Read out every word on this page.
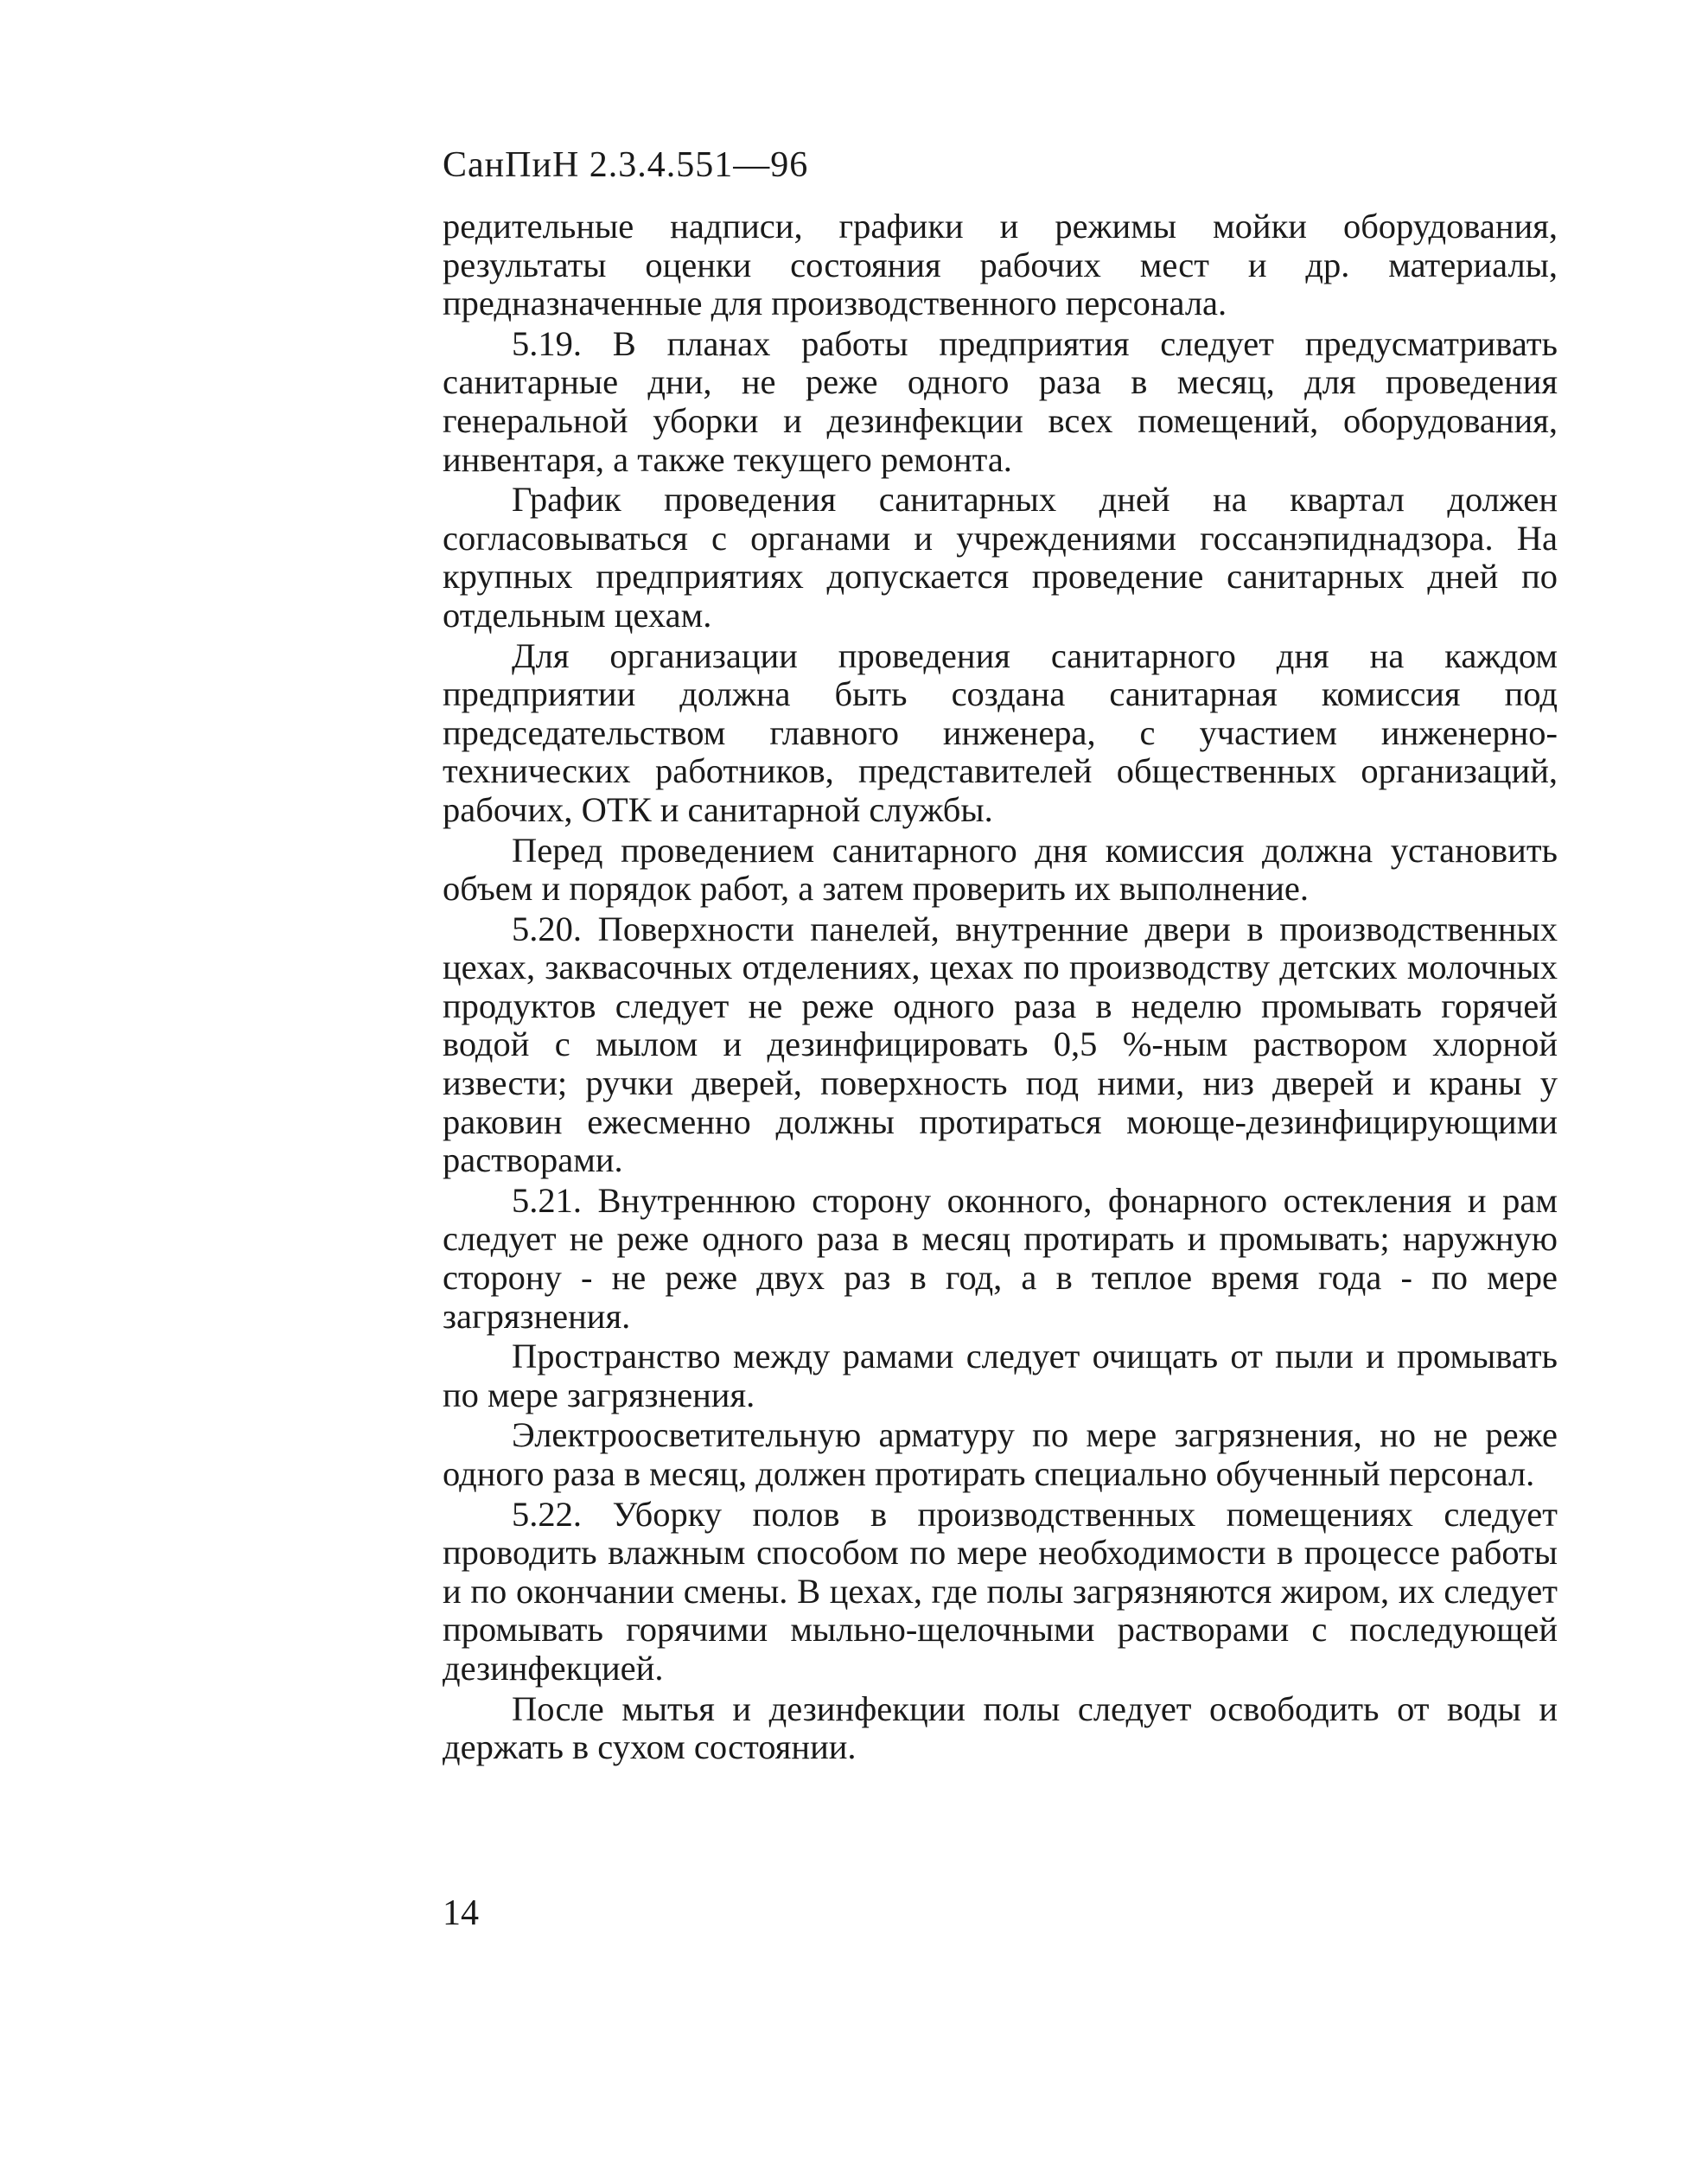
СанПиН 2.3.4.551—96

редительные надписи, графики и режимы мойки оборудования, результаты оценки состояния рабочих мест и др. материалы, предназначенные для производственного персонала.

5.19. В планах работы предприятия следует предусматривать санитарные дни, не реже одного раза в месяц, для проведения генеральной уборки и дезинфекции всех помещений, оборудования, инвентаря, а также текущего ремонта.

График проведения санитарных дней на квартал должен согласовываться с органами и учреждениями госсанэпиднадзора. На крупных предприятиях допускается проведение санитарных дней по отдельным цехам.

Для организации проведения санитарного дня на каждом предприятии должна быть создана санитарная комиссия под председательством главного инженера, с участием инженерно-технических работников, представителей общественных организаций, рабочих, ОТК и санитарной службы.

Перед проведением санитарного дня комиссия должна установить объем и порядок работ, а затем проверить их выполнение.

5.20. Поверхности панелей, внутренние двери в производственных цехах, заквасочных отделениях, цехах по производству детских молочных продуктов следует не реже одного раза в неделю промывать горячей водой с мылом и дезинфицировать 0,5 %-ным раствором хлорной извести; ручки дверей, поверхность под ними, низ дверей и краны у раковин ежесменно должны протираться моюще-дезинфицирующими растворами.

5.21. Внутреннюю сторону оконного, фонарного остекления и рам следует не реже одного раза в месяц протирать и промывать; наружную сторону - не реже двух раз в год, а в теплое время года - по мере загрязнения.

Пространство между рамами следует очищать от пыли и промывать по мере загрязнения.

Электроосветительную арматуру по мере загрязнения, но не реже одного раза в месяц, должен протирать специально обученный персонал.

5.22. Уборку полов в производственных помещениях следует проводить влажным способом по мере необходимости в процессе работы и по окончании смены. В цехах, где полы загрязняются жиром, их следует промывать горячими мыльно-щелочными растворами с последующей дезинфекцией.

После мытья и дезинфекции полы следует освободить от воды и держать в сухом состоянии.

14
